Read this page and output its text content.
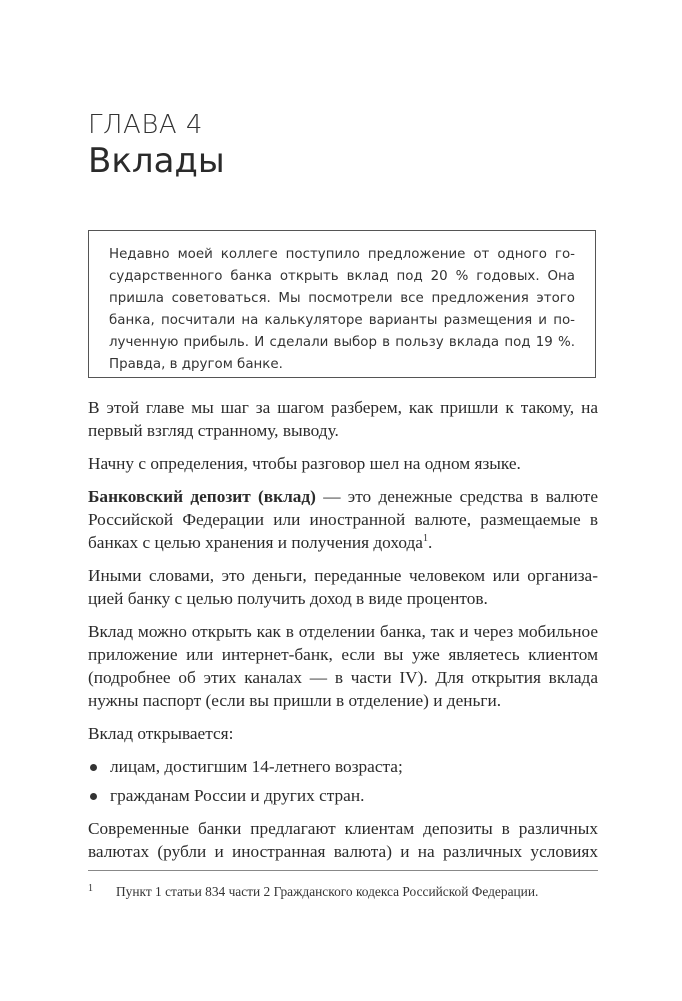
ГЛАВА 4
Вклады

Недавно моей коллеге поступило предложение от одного государственного банка открыть вклад под 20 % годовых. Она пришла советоваться. Мы посмотрели все предложения этого банка, посчитали на калькуляторе варианты размещения и полученную прибыль. И сделали выбор в пользу вклада под 19 %. Правда, в другом банке.

В этой главе мы шаг за шагом разберем, как пришли к такому, на первый взгляд странному, выводу.

Начну с определения, чтобы разговор шел на одном языке.

Банковский депозит (вклад) — это денежные средства в валюте Российской Федерации или иностранной валюте, размещаемые в банках с целью хранения и получения дохода$^1$.

Иными словами, это деньги, переданные человеком или организацией банку с целью получить доход в виде процентов.

Вклад можно открыть как в отделении банка, так и через мобильное приложение или интернет-банк, если вы уже являетесь клиентом (подробнее об этих каналах — в части IV). Для открытия вклада нужны паспорт (если вы пришли в отделение) и деньги.

Вклад открывается:

лицам, достигшим 14-летнего возраста;
гражданам России и других стран.

Современные банки предлагают клиентам депозиты в различных валютах (рубли и иностранная валюта) и на различных условиях

1 Пункт 1 статьи 834 части 2 Гражданского кодекса Российской Федерации.
